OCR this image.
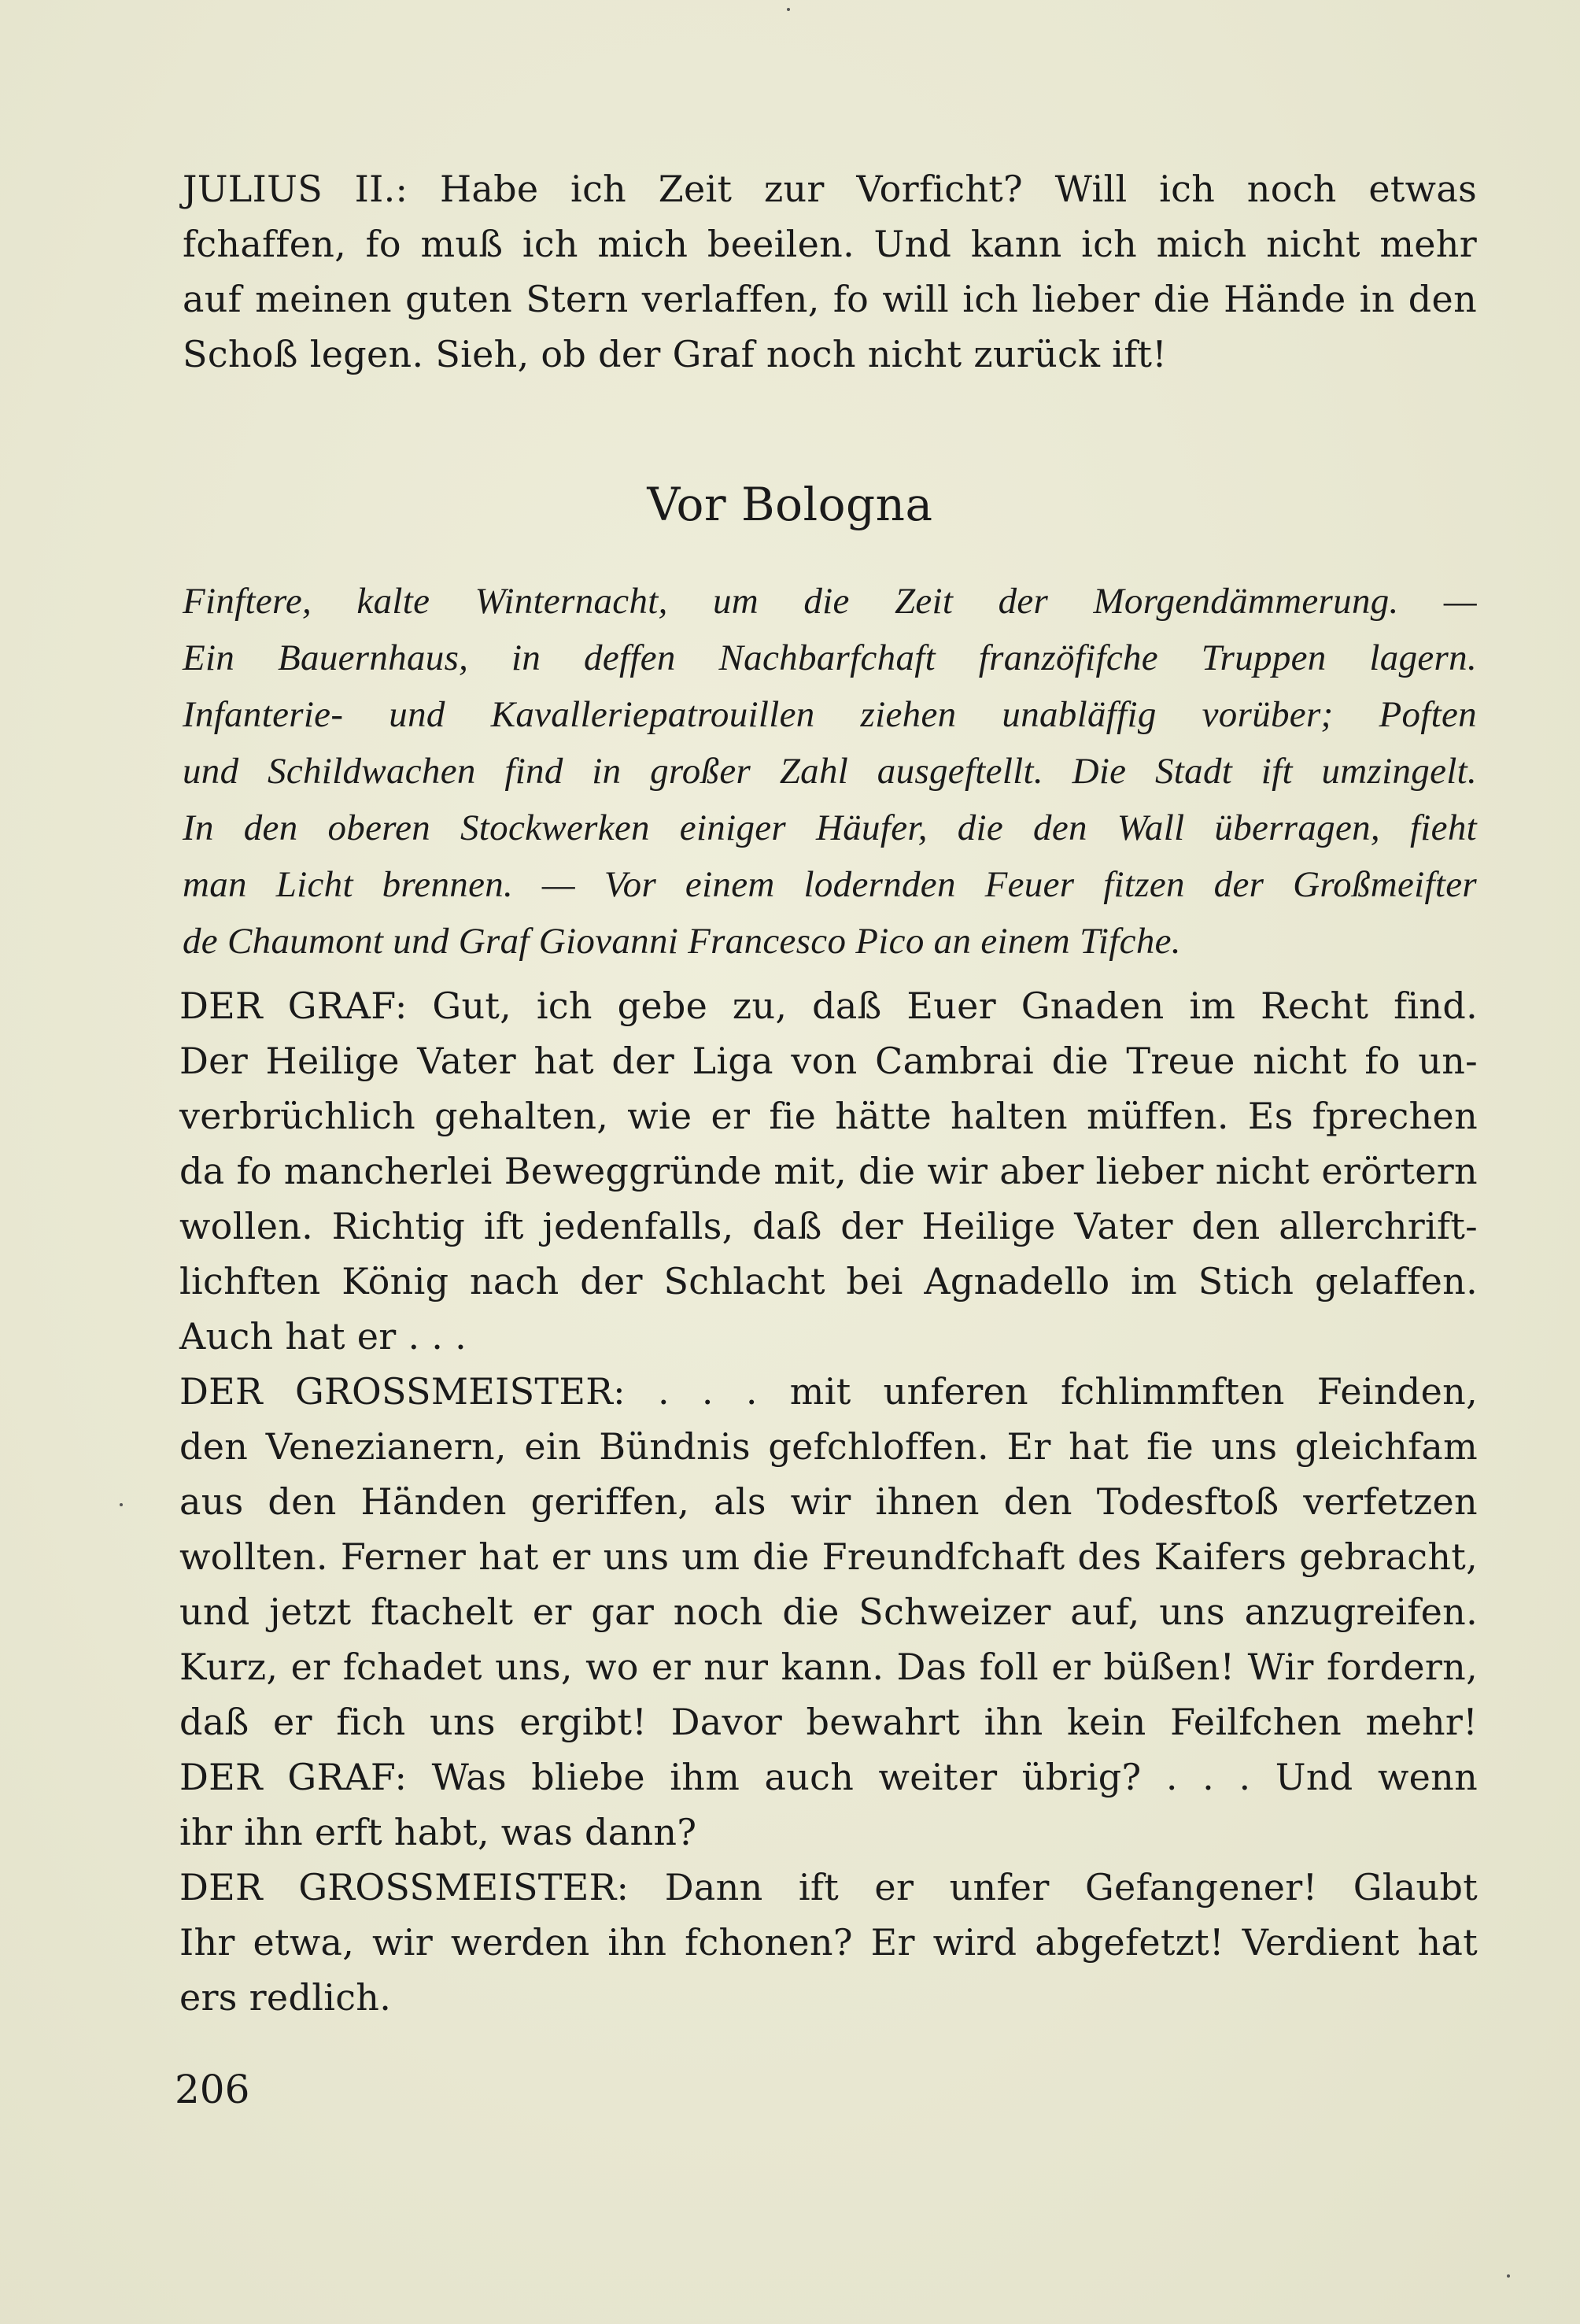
JULIUS II.: Habe ich Zeit zur Vorficht? Will ich noch etwas
fchaffen, fo muß ich mich beeilen. Und kann ich mich nicht mehr
auf meinen guten Stern verlaffen, fo will ich lieber die Hände in den
Schoß legen. Sieh, ob der Graf noch nicht zurück ift!
Vor Bologna
Finftere, kalte Winternacht, um die Zeit der Morgendämmerung. —
Ein Bauernhaus, in deffen Nachbarfchaft franzöfifche Truppen lagern.
Infanterie- und Kavalleriepatrouillen ziehen unabläffig vorüber; Poften
und Schildwachen find in großer Zahl ausgeftellt. Die Stadt ift umzingelt.
In den oberen Stockwerken einiger Häufer, die den Wall überragen, fieht
man Licht brennen. — Vor einem lodernden Feuer fitzen der Großmeifter
de Chaumont und Graf Giovanni Francesco Pico an einem Tifche.
DER GRAF: Gut, ich gebe zu, daß Euer Gnaden im Recht find.
Der Heilige Vater hat der Liga von Cambrai die Treue nicht fo un-
verbrüchlich gehalten, wie er fie hätte halten müffen. Es fprechen
da fo mancherlei Beweggründe mit, die wir aber lieber nicht erörtern
wollen. Richtig ift jedenfalls, daß der Heilige Vater den allerchrift-
lichften König nach der Schlacht bei Agnadello im Stich gelaffen.
Auch hat er . . .
DER GROSSMEISTER: . . . mit unferen fchlimmften Feinden,
den Venezianern, ein Bündnis gefchloffen. Er hat fie uns gleichfam
aus den Händen geriffen, als wir ihnen den Todesftoß verfetzen
wollten. Ferner hat er uns um die Freundfchaft des Kaifers gebracht,
und jetzt ftachelt er gar noch die Schweizer auf, uns anzugreifen.
Kurz, er fchadet uns, wo er nur kann. Das foll er büßen! Wir fordern,
daß er fich uns ergibt! Davor bewahrt ihn kein Feilfchen mehr!
DER GRAF: Was bliebe ihm auch weiter übrig? . . . Und wenn
ihr ihn erft habt, was dann?
DER GROSSMEISTER: Dann ift er unfer Gefangener! Glaubt
Ihr etwa, wir werden ihn fchonen? Er wird abgefetzt! Verdient hat
ers redlich.
206
